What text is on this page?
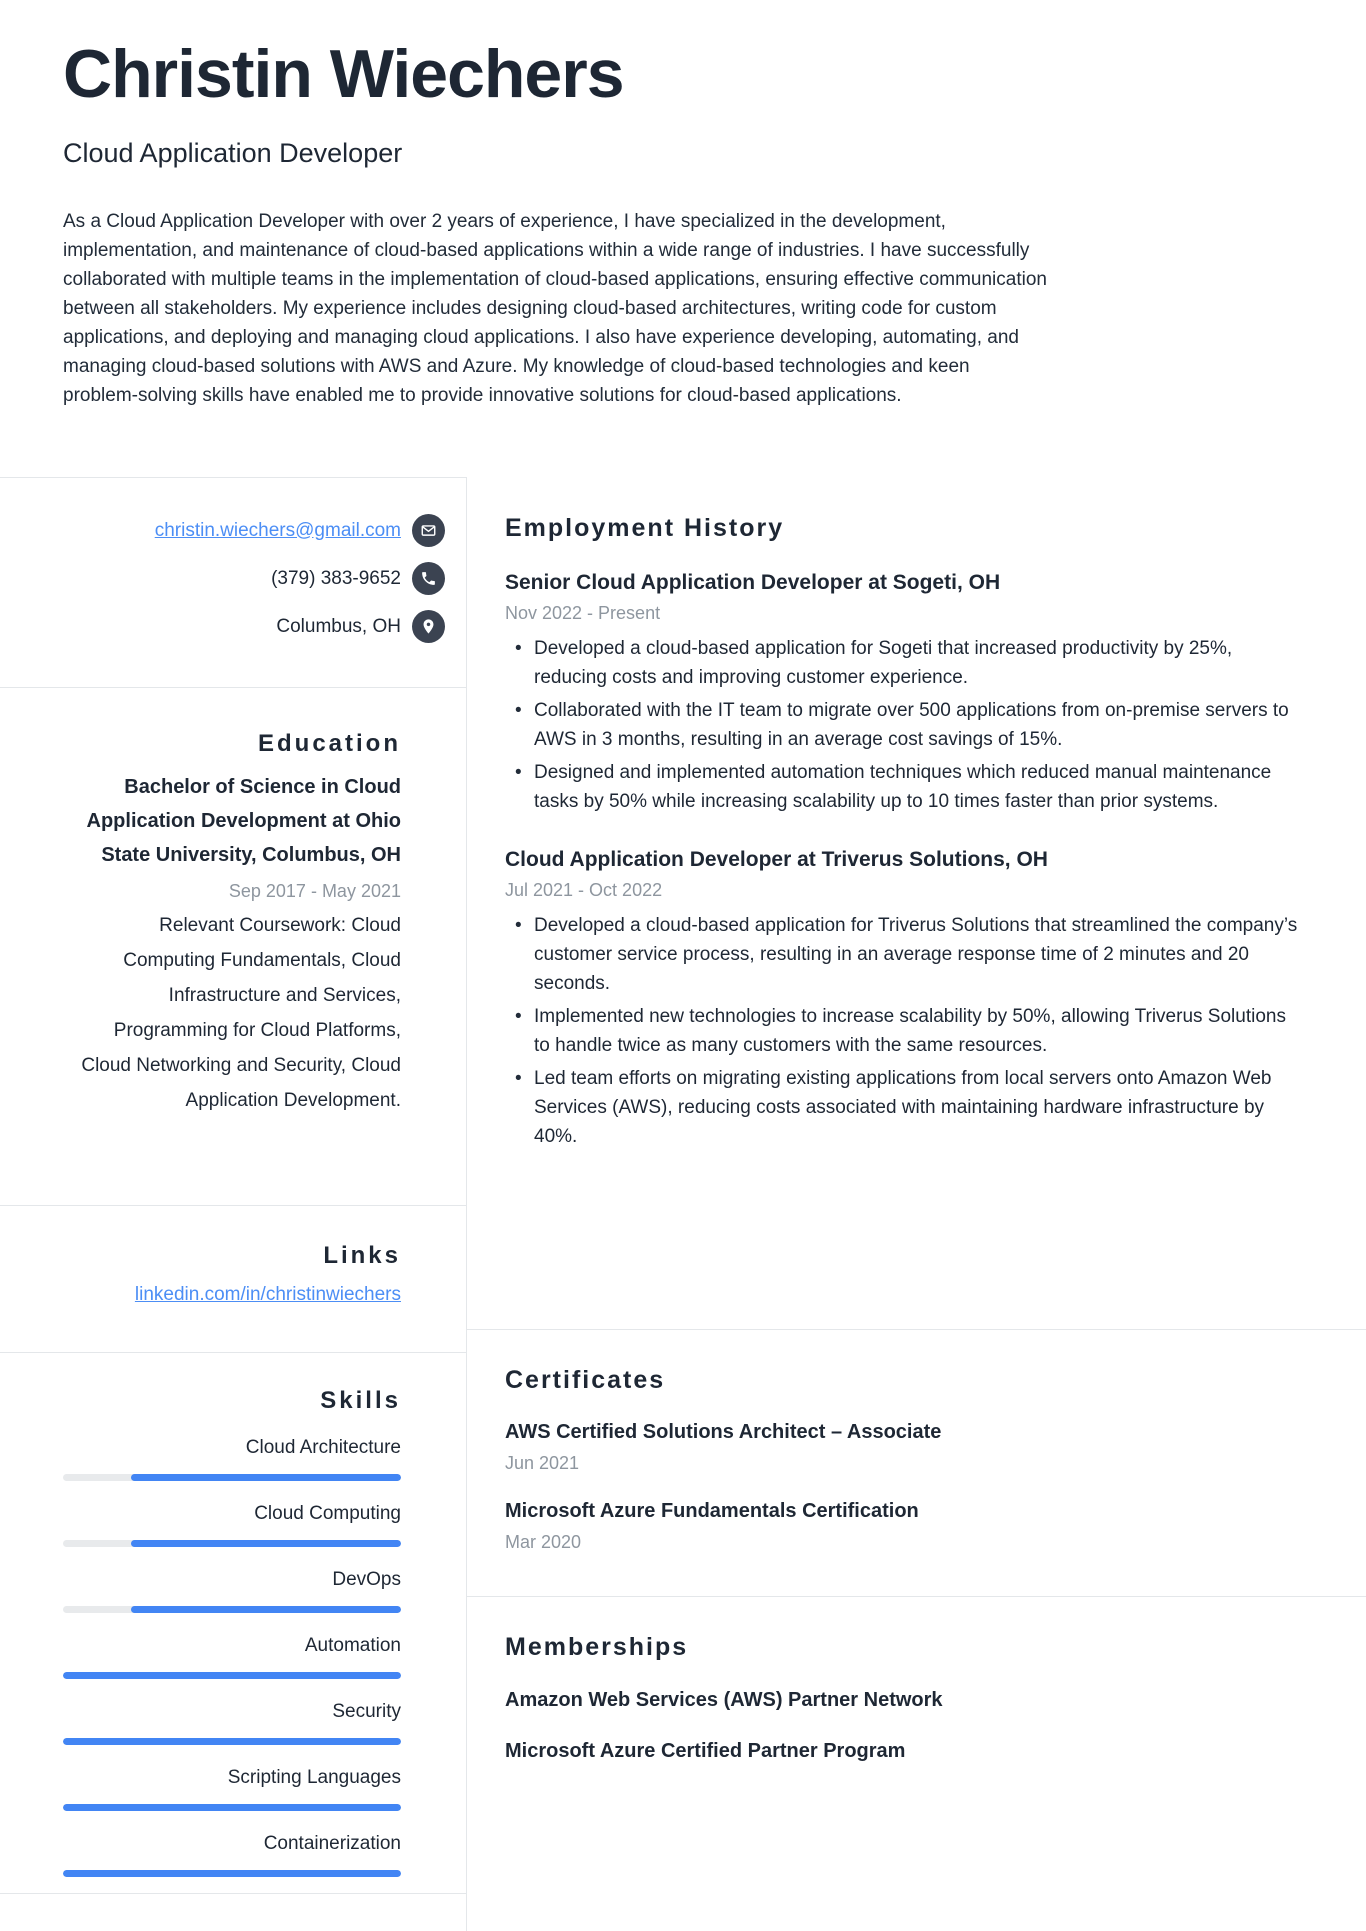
Christin Wiechers
Cloud Application Developer
As a Cloud Application Developer with over 2 years of experience, I have specialized in the development, implementation, and maintenance of cloud-based applications within a wide range of industries. I have successfully collaborated with multiple teams in the implementation of cloud-based applications, ensuring effective communication between all stakeholders. My experience includes designing cloud-based architectures, writing code for custom applications, and deploying and managing cloud applications. I also have experience developing, automating, and managing cloud-based solutions with AWS and Azure. My knowledge of cloud-based technologies and keen problem-solving skills have enabled me to provide innovative solutions for cloud-based applications.
christin.wiechers@gmail.com
(379) 383-9652
Columbus, OH
Education
Bachelor of Science in Cloud Application Development at Ohio State University, Columbus, OH
Sep 2017 - May 2021
Relevant Coursework: Cloud Computing Fundamentals, Cloud Infrastructure and Services, Programming for Cloud Platforms, Cloud Networking and Security, Cloud Application Development.
Links
linkedin.com/in/christinwiechers
Skills
Cloud Architecture
Cloud Computing
DevOps
Automation
Security
Scripting Languages
Containerization
Employment History
Senior Cloud Application Developer at Sogeti, OH
Nov 2022 - Present
• Developed a cloud-based application for Sogeti that increased productivity by 25%, reducing costs and improving customer experience.
• Collaborated with the IT team to migrate over 500 applications from on-premise servers to AWS in 3 months, resulting in an average cost savings of 15%.
• Designed and implemented automation techniques which reduced manual maintenance tasks by 50% while increasing scalability up to 10 times faster than prior systems.
Cloud Application Developer at Triverus Solutions, OH
Jul 2021 - Oct 2022
• Developed a cloud-based application for Triverus Solutions that streamlined the company’s customer service process, resulting in an average response time of 2 minutes and 20 seconds.
• Implemented new technologies to increase scalability by 50%, allowing Triverus Solutions to handle twice as many customers with the same resources.
• Led team efforts on migrating existing applications from local servers onto Amazon Web Services (AWS), reducing costs associated with maintaining hardware infrastructure by 40%.
Certificates
AWS Certified Solutions Architect – Associate
Jun 2021
Microsoft Azure Fundamentals Certification
Mar 2020
Memberships
Amazon Web Services (AWS) Partner Network
Microsoft Azure Certified Partner Program
